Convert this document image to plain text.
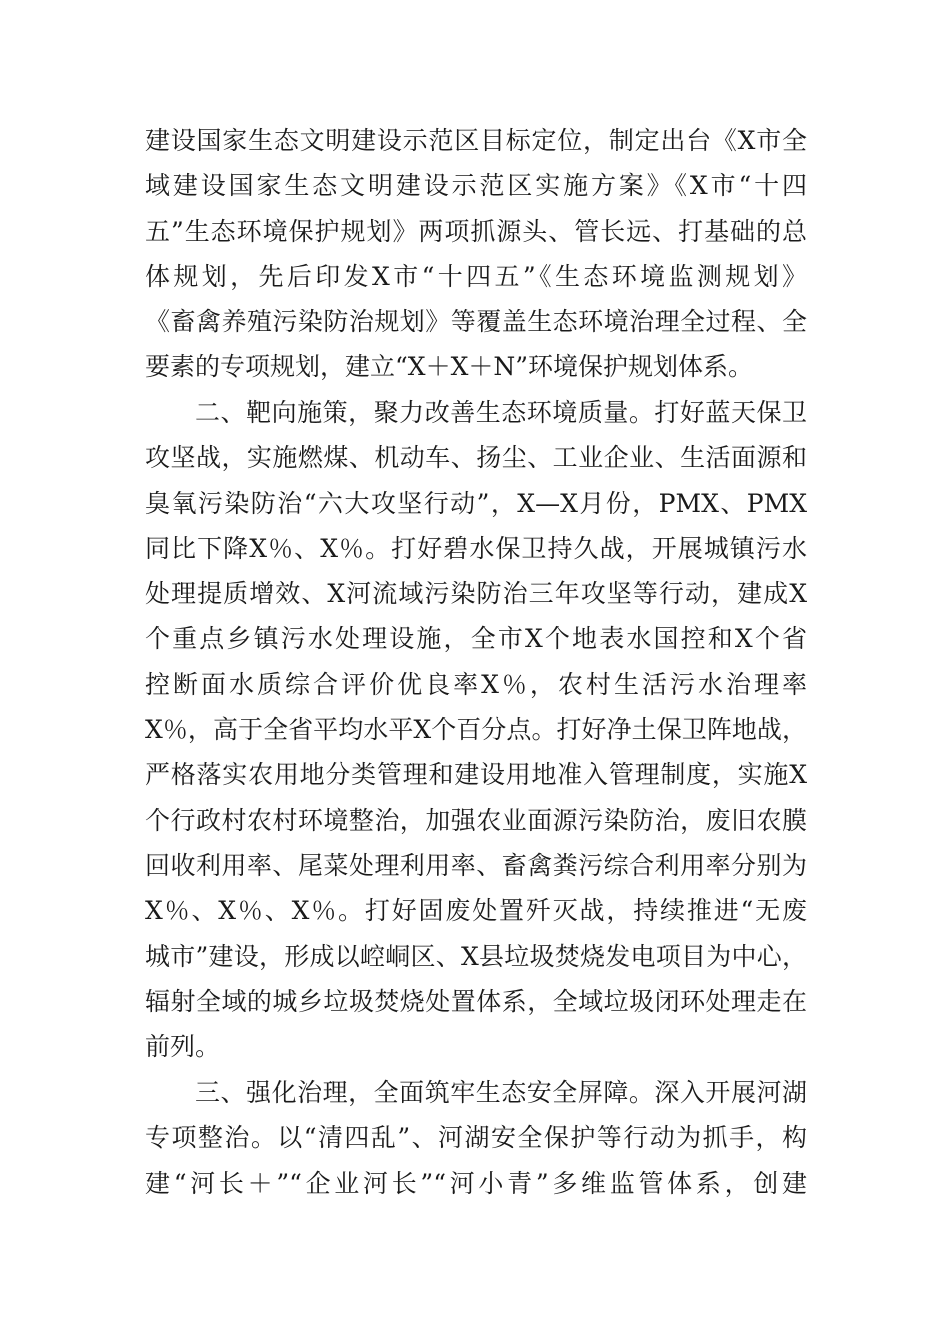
建设国家生态文明建设示范区目标定位，制定出台《X市全
域建设国家生态文明建设示范区实施方案》《X市“十四
五”生态环境保护规划》两项抓源头、管长远、打基础的总
体规划，先后印发X市“十四五”《生态环境监测规划》
《畜禽养殖污染防治规划》等覆盖生态环境治理全过程、全
要素的专项规划，建立“X＋X＋N”环境保护规划体系。
二、靶向施策，聚力改善生态环境质量。打好蓝天保卫
攻坚战，实施燃煤、机动车、扬尘、工业企业、生活面源和
臭氧污染防治“六大攻坚行动”，X—X月份，PMX、PMX
同比下降X％、X％。打好碧水保卫持久战，开展城镇污水
处理提质增效、X河流域污染防治三年攻坚等行动，建成X
个重点乡镇污水处理设施，全市X个地表水国控和X个省
控断面水质综合评价优良率X％，农村生活污水治理率
X％，高于全省平均水平X个百分点。打好净土保卫阵地战，
严格落实农用地分类管理和建设用地准入管理制度，实施X
个行政村农村环境整治，加强农业面源污染防治，废旧农膜
回收利用率、尾菜处理利用率、畜禽粪污综合利用率分别为
X％、X％、X％。打好固废处置歼灭战，持续推进“无废
城市”建设，形成以崆峒区、X县垃圾焚烧发电项目为中心，
辐射全域的城乡垃圾焚烧处置体系，全域垃圾闭环处理走在
前列。
三、强化治理，全面筑牢生态安全屏障。深入开展河湖
专项整治。以“清四乱”、河湖安全保护等行动为抓手，构
建“河长＋”“企业河长”“河小青”多维监管体系，创建
